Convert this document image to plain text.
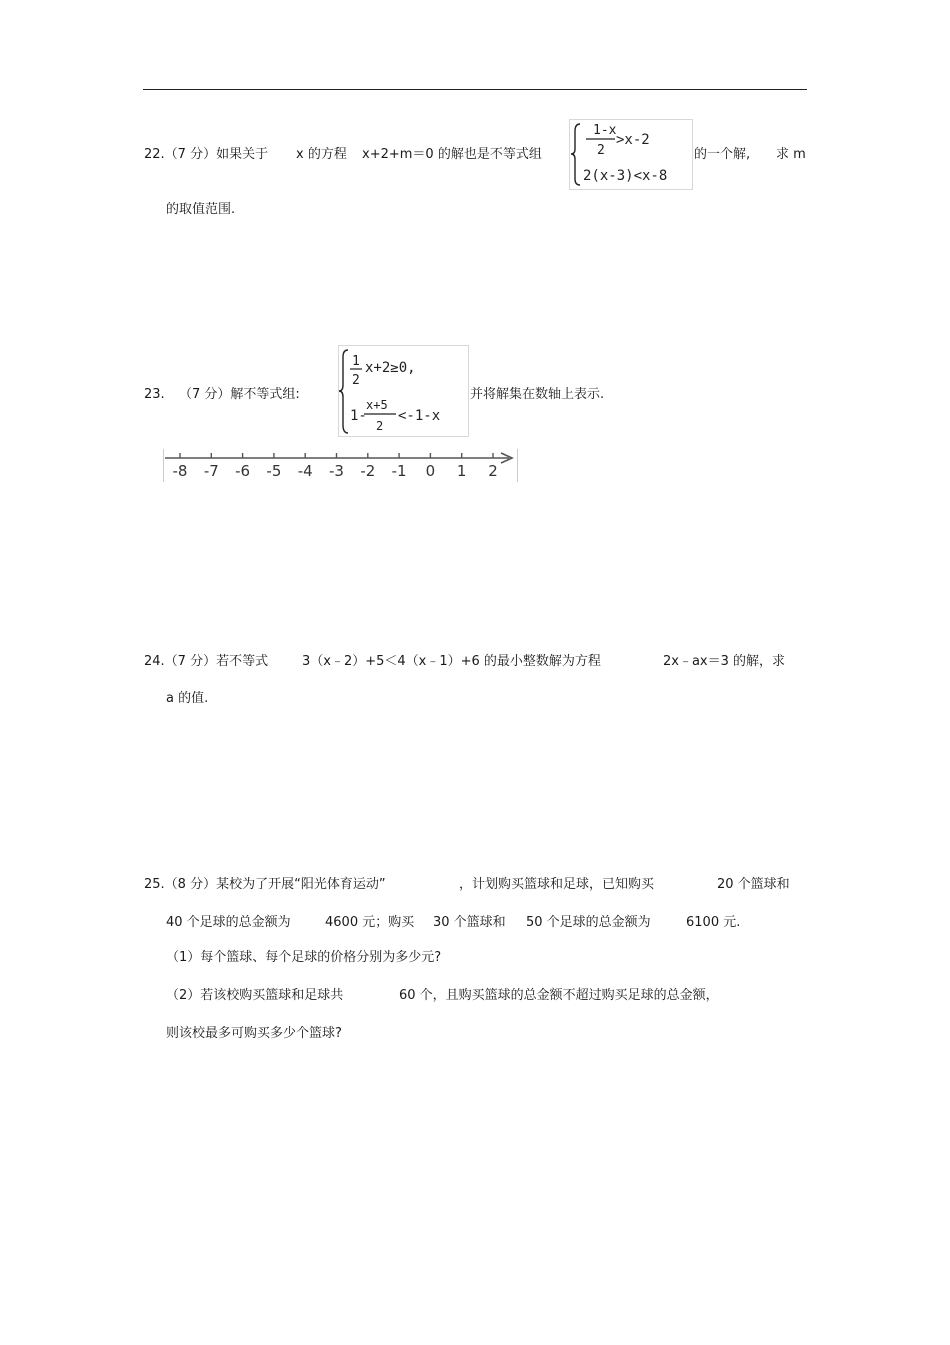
22.（7 分）如果关于 x 的方程 x+2+m＝0 的解也是不等式组
1-x
2
>x-2
2(x-3)<x-8
的一个解, 求 m
的取值范围.
23. （7 分）解不等式组:
1
2
x+2≥0,
1-
x+5
2
<-1-x
并将解集在数轴上表示.
-8 -7 -6 -5 -4 -3 -2 -1 0 1 2
24.（7 分）若不等式	3（x﹣2）+5＜4（x﹣1）+6 的最小整数解为方程	2x﹣ax＝3 的解，求
a 的值.
25.（8 分）某校为了开展“阳光体育运动”	，计划购买篮球和足球，已知购买	20 个篮球和
40 个足球的总金额为	4600 元；购买 30 个篮球和 50 个足球的总金额为	6100 元.
（1）每个篮球、每个足球的价格分别为多少元?
（2）若该校购买篮球和足球共	60 个，且购买篮球的总金额不超过购买足球的总金额，
则该校最多可购买多少个篮球?
